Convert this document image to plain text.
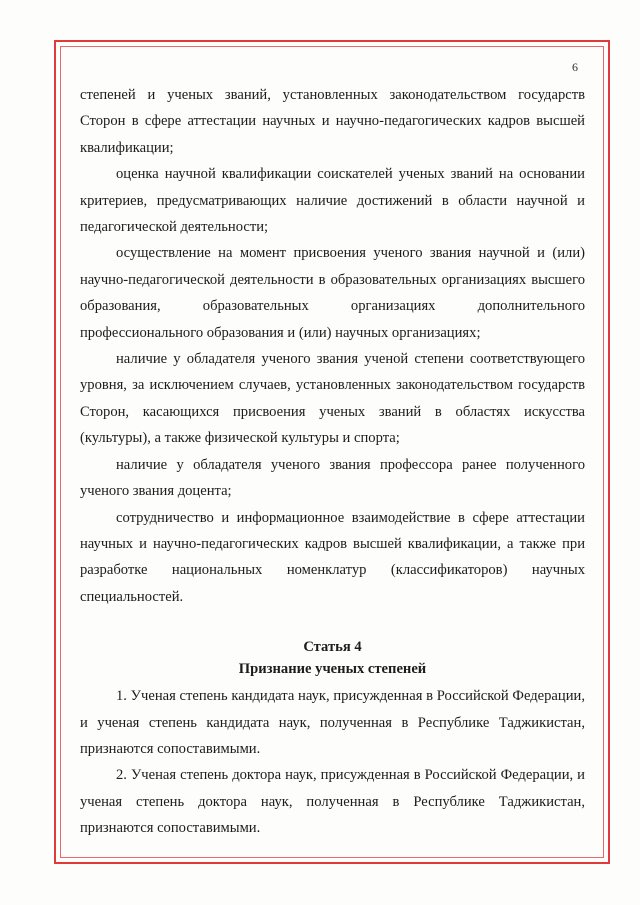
6

степеней и ученых званий, установленных законодательством государств Сторон в сфере аттестации научных и научно-педагогических кадров высшей квалификации;

оценка научной квалификации соискателей ученых званий на основании критериев, предусматривающих наличие достижений в области научной и педагогической деятельности;

осуществление на момент присвоения ученого звания научной и (или) научно-педагогической деятельности в образовательных организациях высшего образования, образовательных организациях дополнительного профессионального образования и (или) научных организациях;

наличие у обладателя ученого звания ученой степени соответствующего уровня, за исключением случаев, установленных законодательством государств Сторон, касающихся присвоения ученых званий в областях искусства (культуры), а также физической культуры и спорта;

наличие у обладателя ученого звания профессора ранее полученного ученого звания доцента;

сотрудничество и информационное взаимодействие в сфере аттестации научных и научно-педагогических кадров высшей квалификации, а также при разработке национальных номенклатур (классификаторов) научных специальностей.

Статья 4

Признание ученых степеней

1. Ученая степень кандидата наук, присужденная в Российской Федерации, и ученая степень кандидата наук, полученная в Республике Таджикистан, признаются сопоставимыми.

2. Ученая степень доктора наук, присужденная в Российской Федерации, и ученая степень доктора наук, полученная в Республике Таджикистан, признаются сопоставимыми.
